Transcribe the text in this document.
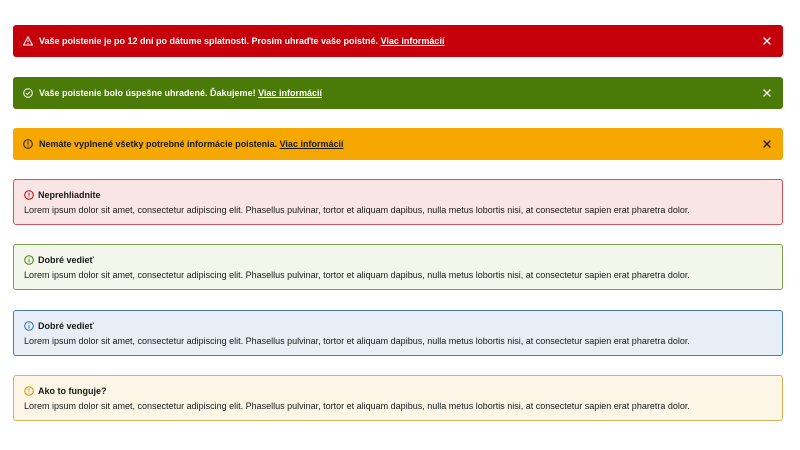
Vaše poistenie je po 12 dní po dátume splatnosti. Prosím uhraďte vaše poistné. Viac informácií
Vaše poistenie bolo úspešne uhradené. Ďakujeme! Viac informácií
Nemáte vyplnené všetky potrebné informácie poistenia. Viac informácií
Neprehliadnite
Lorem ipsum dolor sit amet, consectetur adipiscing elit. Phasellus pulvinar, tortor et aliquam dapibus, nulla metus lobortis nisi, at consectetur sapien erat pharetra dolor.
Dobré vedieť
Lorem ipsum dolor sit amet, consectetur adipiscing elit. Phasellus pulvinar, tortor et aliquam dapibus, nulla metus lobortis nisi, at consectetur sapien erat pharetra dolor.
Dobré vedieť
Lorem ipsum dolor sit amet, consectetur adipiscing elit. Phasellus pulvinar, tortor et aliquam dapibus, nulla metus lobortis nisi, at consectetur sapien erat pharetra dolor.
Ako to funguje?
Lorem ipsum dolor sit amet, consectetur adipiscing elit. Phasellus pulvinar, tortor et aliquam dapibus, nulla metus lobortis nisi, at consectetur sapien erat pharetra dolor.
